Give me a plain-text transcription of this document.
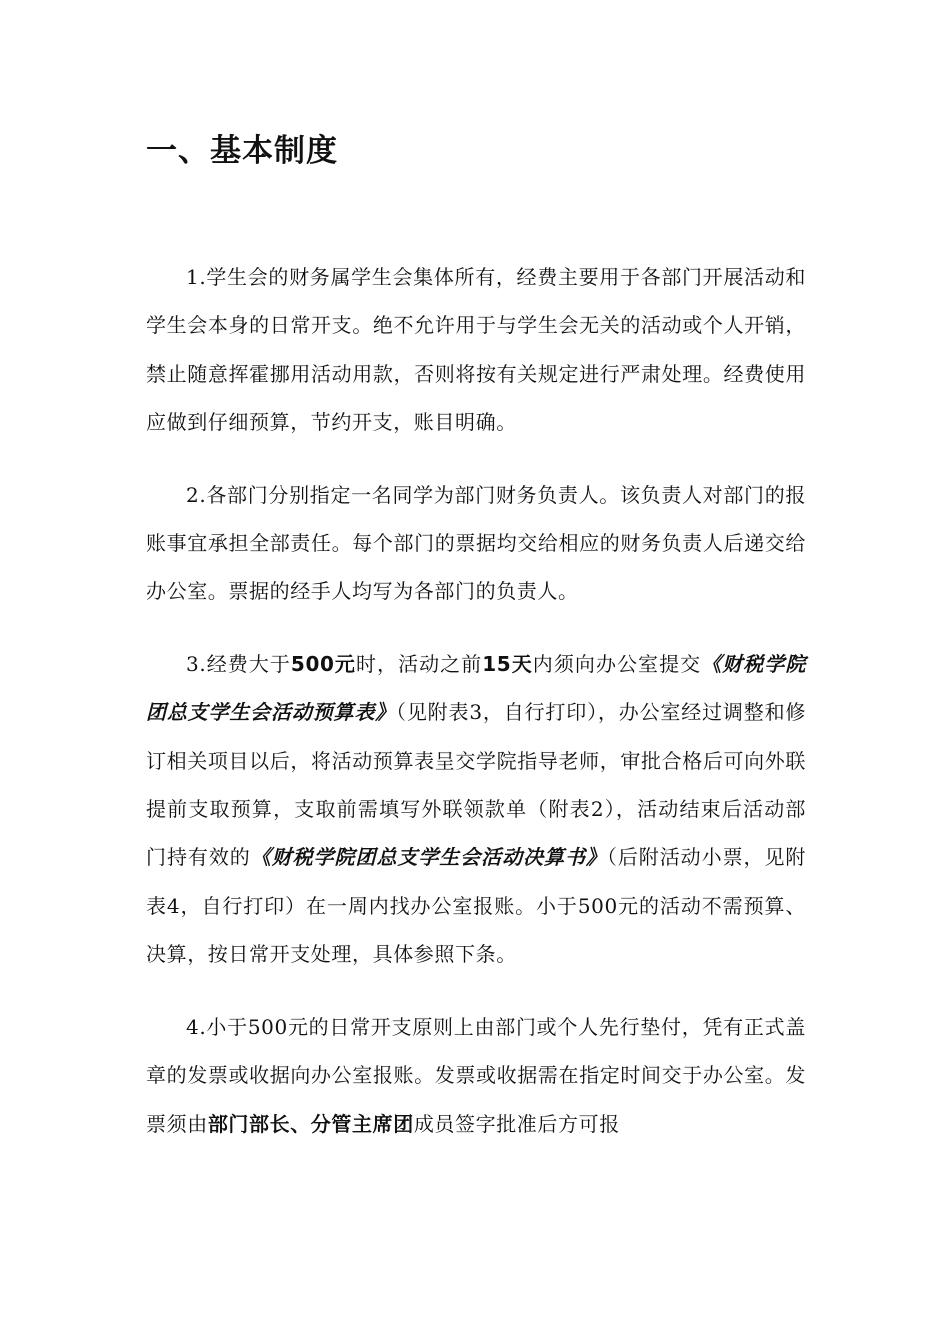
一、基本制度

1.学生会的财务属学生会集体所有，经费主要用于各部门开展活动和学生会本身的日常开支。绝不允许用于与学生会无关的活动或个人开销，禁止随意挥霍挪用活动用款，否则将按有关规定进行严肃处理。经费使用应做到仔细预算，节约开支，账目明确。

2.各部门分别指定一名同学为部门财务负责人。该负责人对部门的报账事宜承担全部责任。每个部门的票据均交给相应的财务负责人后递交给办公室。票据的经手人均写为各部门的负责人。

3.经费大于500元时，活动之前15天内须向办公室提交《财税学院团总支学生会活动预算表》（见附表3，自行打印），办公室经过调整和修订相关项目以后，将活动预算表呈交学院指导老师，审批合格后可向外联提前支取预算，支取前需填写外联领款单（附表2），活动结束后活动部门持有效的《财税学院团总支学生会活动决算书》（后附活动小票，见附表4，自行打印）在一周内找办公室报账。小于500元的活动不需预算、决算，按日常开支处理，具体参照下条。

4.小于500元的日常开支原则上由部门或个人先行垫付，凭有正式盖章的发票或收据向办公室报账。发票或收据需在指定时间交于办公室。发票须由部门部长、分管主席团成员签字批准后方可报
